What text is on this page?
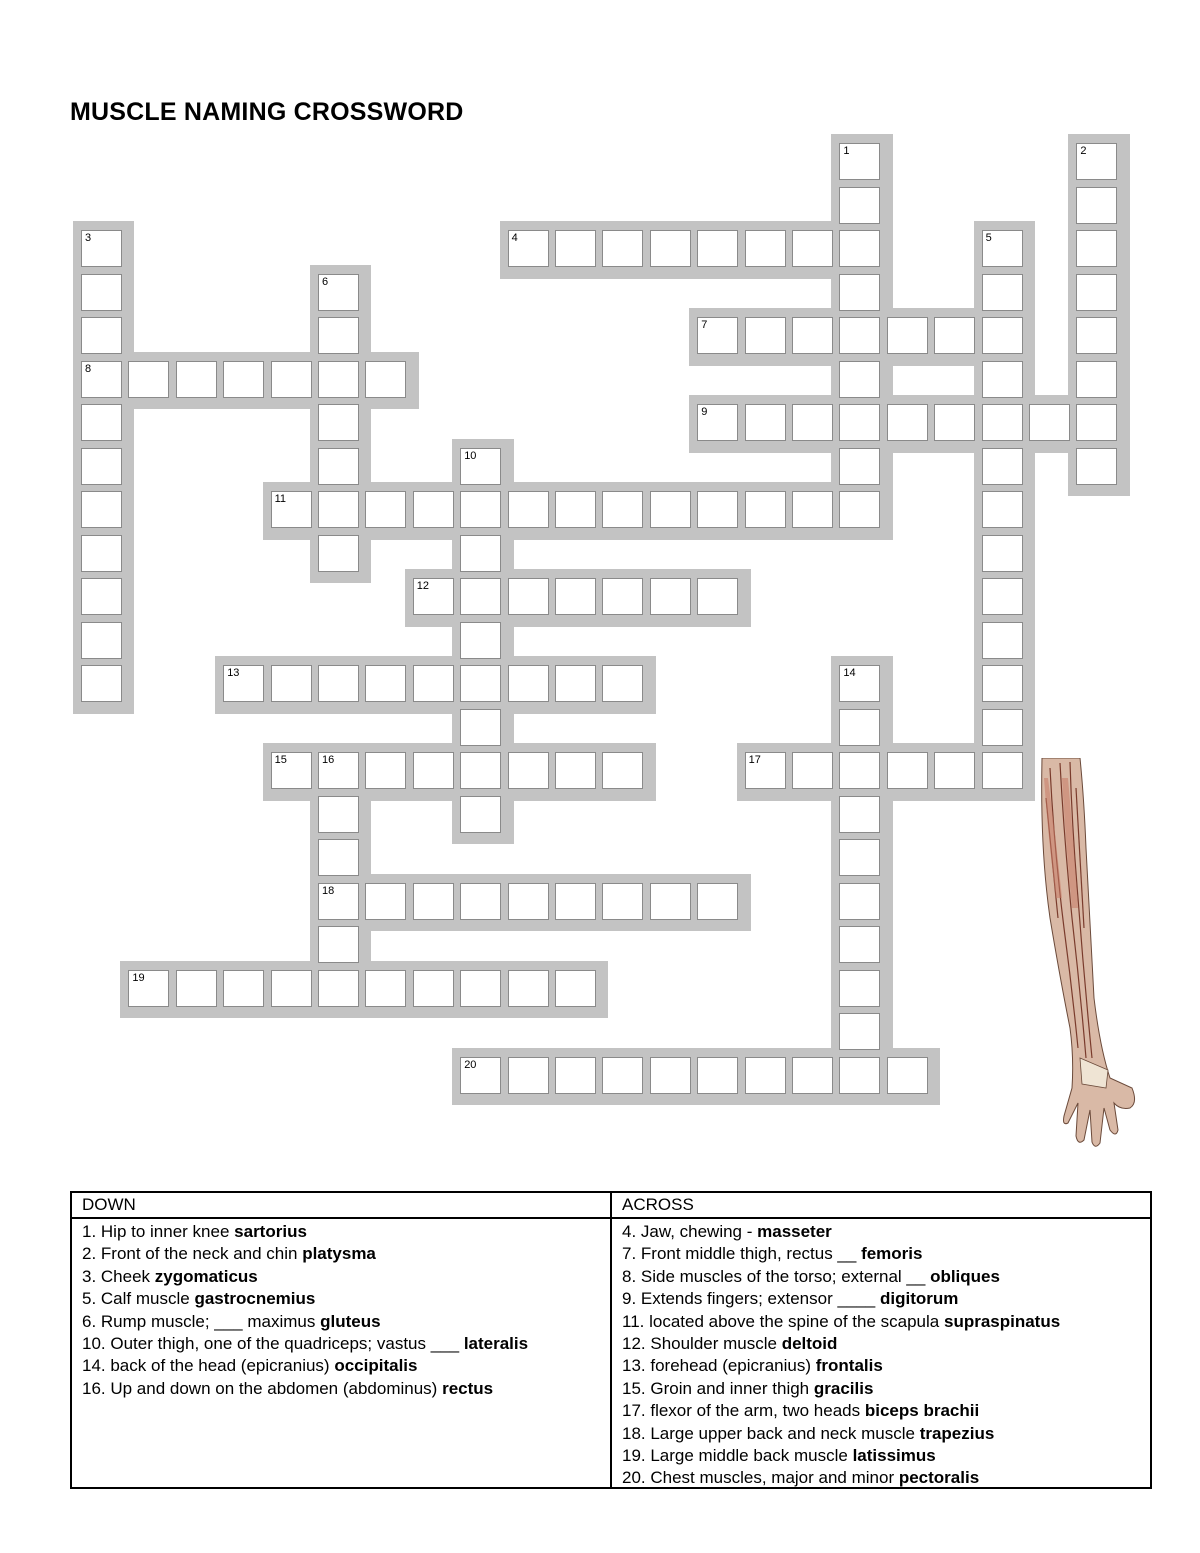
MUSCLE NAMING CROSSWORD
1	2
3	4	5
6
7
8
9
10
11
12
13	14
15	16	17
18
19
20
DOWN
1. Hip to inner knee sartorius
2. Front of the neck and chin platysma
3. Cheek zygomaticus
5. Calf muscle gastrocnemius
6. Rump muscle; ___ maximus gluteus
10. Outer thigh, one of the quadriceps; vastus ___ lateralis
14. back of the head (epicranius) occipitalis
16. Up and down on the abdomen (abdominus) rectus
ACROSS
4. Jaw, chewing - masseter
7. Front middle thigh, rectus __ femoris
8. Side muscles of the torso; external __ obliques
9. Extends fingers; extensor ____ digitorum
11. located above the spine of the scapula supraspinatus
12. Shoulder muscle deltoid
13. forehead (epicranius) frontalis
15. Groin and inner thigh gracilis
17. flexor of the arm, two heads biceps brachii
18. Large upper back and neck muscle trapezius
19. Large middle back muscle latissimus
20. Chest muscles, major and minor pectoralis
